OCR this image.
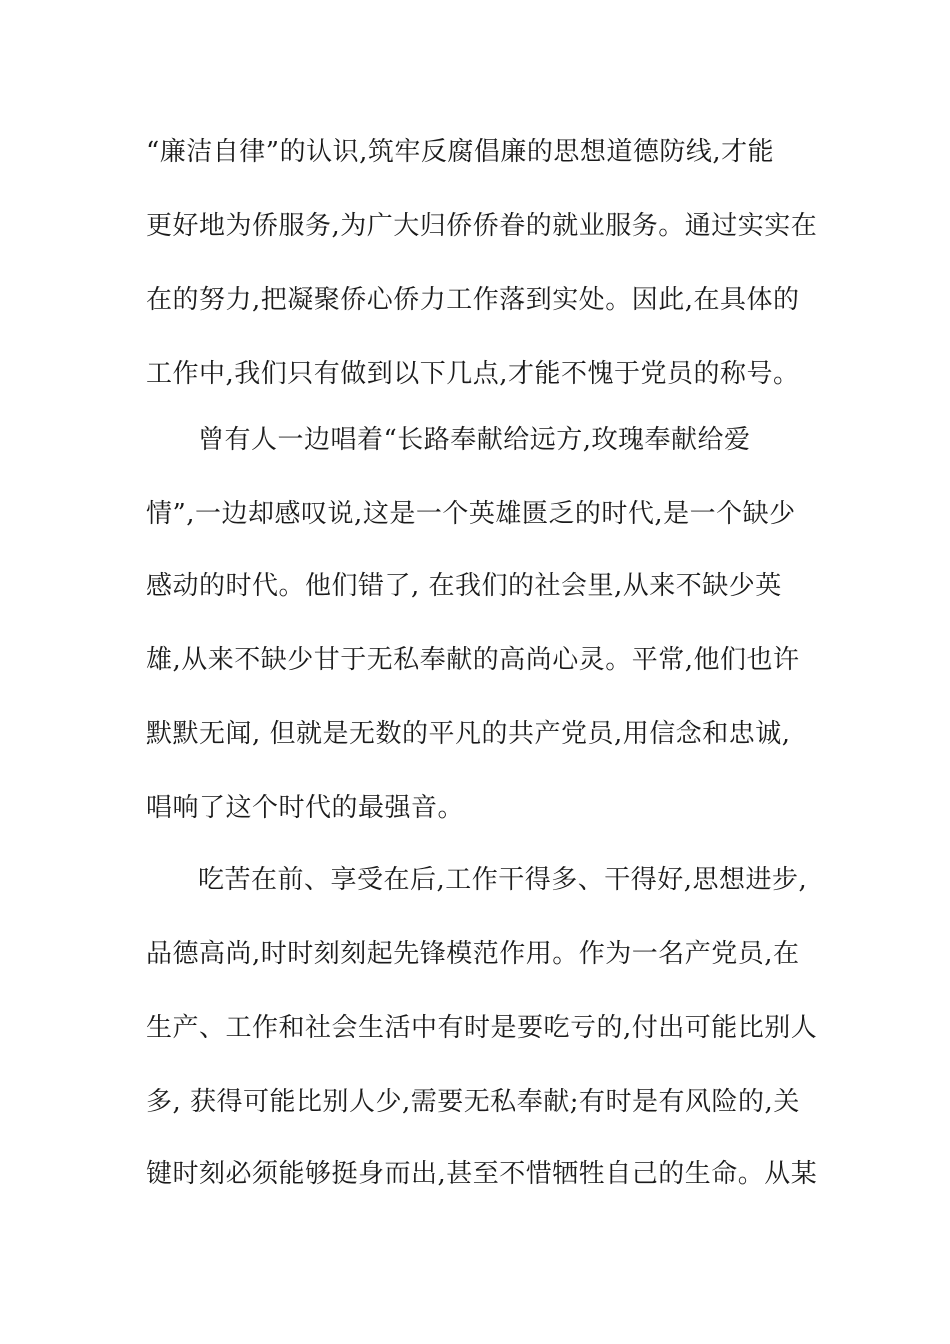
“廉洁自律”的认识,筑牢反腐倡廉的思想道德防线,才能
更好地为侨服务,为广大归侨侨眷的就业服务。通过实实在
在的努力,把凝聚侨心侨力工作落到实处。因此,在具体的
工作中,我们只有做到以下几点,才能不愧于党员的称号。
曾有人一边唱着“长路奉献给远方,玫瑰奉献给爱
情”,一边却感叹说,这是一个英雄匮乏的时代,是一个缺少
感动的时代。他们错了, 在我们的社会里,从来不缺少英
雄,从来不缺少甘于无私奉献的高尚心灵。平常,他们也许
默默无闻, 但就是无数的平凡的共产党员,用信念和忠诚,
唱响了这个时代的最强音。
吃苦在前、享受在后,工作干得多、干得好,思想进步,
品德高尚,时时刻刻起先锋模范作用。作为一名产党员,在
生产、工作和社会生活中有时是要吃亏的,付出可能比别人
多, 获得可能比别人少,需要无私奉献;有时是有风险的,关
键时刻必须能够挺身而出,甚至不惜牺牲自己的生命。从某
